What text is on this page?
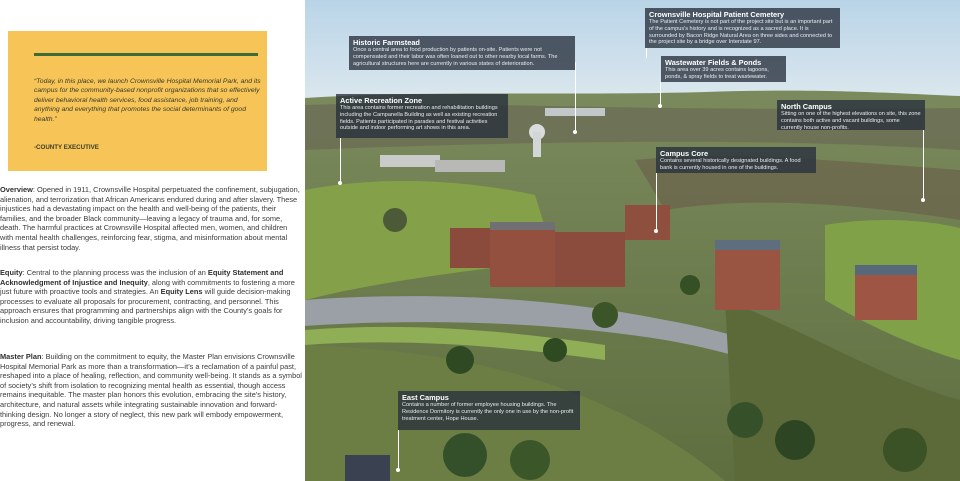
“Today, in this place, we launch Crownsville Hospital Memorial Park, and its campus for the community-based nonprofit organizations that so effectively deliver behavioral health services, food assistance, job training, and anything and everything that promotes the social determinants of good health.”

-COUNTY EXECUTIVE

Overview: Opened in 1911, Crownsville Hospital perpetuated the confinement, subjugation, alienation, and terrorization that African Americans endured during and after slavery. These injustices had a devastating impact on the health and well-being of the patients, their families, and the broader Black community—leaving a legacy of trauma and, for some, death. The harmful practices at Crownsville Hospital affected men, women, and children with mental health challenges, reinforcing fear, stigma, and misinformation about mental illness that persist today.

Equity: Central to the planning process was the inclusion of an Equity Statement and Acknowledgment of Injustice and Inequity, along with commitments to fostering a more just future with proactive tools and strategies. An Equity Lens will guide decision-making processes to evaluate all proposals for procurement, contracting, and personnel. This approach ensures that programming and partnerships align with the County’s goals for inclusion and accountability, driving tangible progress.

Master Plan: Building on the commitment to equity, the Master Plan envisions Crownsville Hospital Memorial Park as more than a transformation—it’s a reclamation of a painful past, reshaped into a place of healing, reflection, and community well-being. It stands as a symbol of society’s shift from isolation to recognizing mental health as essential, though access remains inequitable. The master plan honors this evolution, embracing the site’s history, architecture, and natural assets while integrating sustainable innovation and forward-thinking design. No longer a story of neglect, this new park will embody empowerment, progress, and renewal.

Historic Farmstead
Once a central area to food production by patients on-site. Patients were not compensated and their labor was often loaned out to other nearby local farms. The agricultural structures here are currently in various states of deterioration.
Crownsville Hospital Patient Cemetery
The Patient Cemetery is not part of the project site but is an important part of the campus's history and is recognized as a sacred place. It is surrounded by Bacon Ridge Natural Area on three sides and connected to the project site by a bridge over Interstate 97.
Wastewater Fields & Ponds
This area over 39 acres contains lagoons, ponds, & spray fields to treat wastewater.
Active Recreation Zone
This area contains former recreation and rehabilitation buildings including the Campanella Building as well as existing recreation fields. Patients participated in parades and festival activities outside and indoor performing art shows in this area.
North Campus
Sitting on one of the highest elevations on site, this zone contains both active and vacant buildings, some currently house non-profits.
Campus Core
Contains several historically designated buildings. A food bank is currently housed in one of the buildings.
East Campus
Contains a number of former employee housing buildings. The Residence Dormitory is currently the only one in use by the non-profit treatment center, Hope House.
